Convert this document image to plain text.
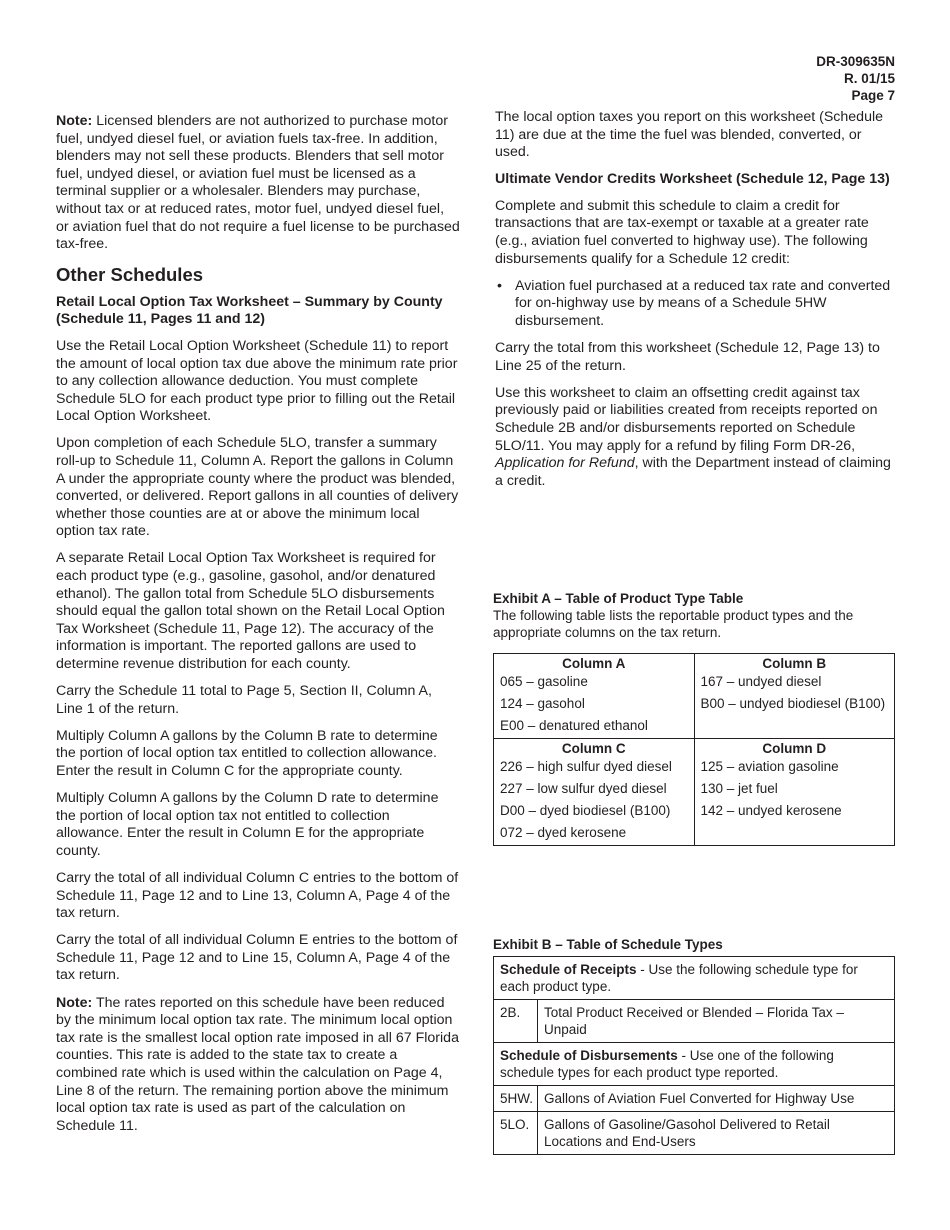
DR-309635N
R. 01/15
Page 7

Note: Licensed blenders are not authorized to purchase motor fuel, undyed diesel fuel, or aviation fuels tax-free. In addition, blenders may not sell these products. Blenders that sell motor fuel, undyed diesel, or aviation fuel must be licensed as a terminal supplier or a wholesaler. Blenders may purchase, without tax or at reduced rates, motor fuel, undyed diesel fuel, or aviation fuel that do not require a fuel license to be purchased tax-free.

Other Schedules
Retail Local Option Tax Worksheet – Summary by County (Schedule 11, Pages 11 and 12)

Use the Retail Local Option Worksheet (Schedule 11) to report the amount of local option tax due above the minimum rate prior to any collection allowance deduction. You must complete Schedule 5LO for each product type prior to filling out the Retail Local Option Worksheet.

Upon completion of each Schedule 5LO, transfer a summary roll-up to Schedule 11, Column A. Report the gallons in Column A under the appropriate county where the product was blended, converted, or delivered. Report gallons in all counties of delivery whether those counties are at or above the minimum local option tax rate.

A separate Retail Local Option Tax Worksheet is required for each product type (e.g., gasoline, gasohol, and/or denatured ethanol). The gallon total from Schedule 5LO disbursements should equal the gallon total shown on the Retail Local Option Tax Worksheet (Schedule 11, Page 12). The accuracy of the information is important. The reported gallons are used to determine revenue distribution for each county.

Carry the Schedule 11 total to Page 5, Section II, Column A, Line 1 of the return.

Multiply Column A gallons by the Column B rate to determine the portion of local option tax entitled to collection allowance. Enter the result in Column C for the appropriate county.

Multiply Column A gallons by the Column D rate to determine the portion of local option tax not entitled to collection allowance. Enter the result in Column E for the appropriate county.

Carry the total of all individual Column C entries to the bottom of Schedule 11, Page 12 and to Line 13, Column A, Page 4 of the tax return.

Carry the total of all individual Column E entries to the bottom of Schedule 11, Page 12 and to Line 15, Column A, Page 4 of the tax return.

Note: The rates reported on this schedule have been reduced by the minimum local option tax rate. The minimum local option tax rate is the smallest local option rate imposed in all 67 Florida counties. This rate is added to the state tax to create a combined rate which is used within the calculation on Page 4, Line 8 of the return. The remaining portion above the minimum local option tax rate is used as part of the calculation on Schedule 11.

The local option taxes you report on this worksheet (Schedule 11) are due at the time the fuel was blended, converted, or used.

Ultimate Vendor Credits Worksheet (Schedule 12, Page 13)

Complete and submit this schedule to claim a credit for transactions that are tax-exempt or taxable at a greater rate (e.g., aviation fuel converted to highway use). The following disbursements qualify for a Schedule 12 credit:

• Aviation fuel purchased at a reduced tax rate and converted for on-highway use by means of a Schedule 5HW disbursement.

Carry the total from this worksheet (Schedule 12, Page 13) to Line 25 of the return.

Use this worksheet to claim an offsetting credit against tax previously paid or liabilities created from receipts reported on Schedule 2B and/or disbursements reported on Schedule 5LO/11. You may apply for a refund by filing Form DR-26, Application for Refund, with the Department instead of claiming a credit.

Exhibit A – Table of Product Type Table
The following table lists the reportable product types and the appropriate columns on the tax return.
Column A	Column B

065 – gasoline	167 – undyed diesel

124 – gasohol	B00 – undyed biodiesel (B100)

E00 – denatured ethanol	

Column C	Column D

226 – high sulfur dyed diesel	125 – aviation gasoline

227 – low sulfur dyed diesel	130 – jet fuel

D00 – dyed biodiesel (B100)	142 – undyed kerosene

072 – dyed kerosene	

Exhibit B – Table of Schedule Types
Schedule of Receipts - Use the following schedule type for each product type.	
2B.	Total Product Received or Blended – Florida Tax – Unpaid
Schedule of Disbursements - Use one of the following schedule types for each product type reported.	
5HW.	Gallons of Aviation Fuel Converted for Highway Use
5LO.	Gallons of Gasoline/Gasohol Delivered to Retail Locations and End-Users
